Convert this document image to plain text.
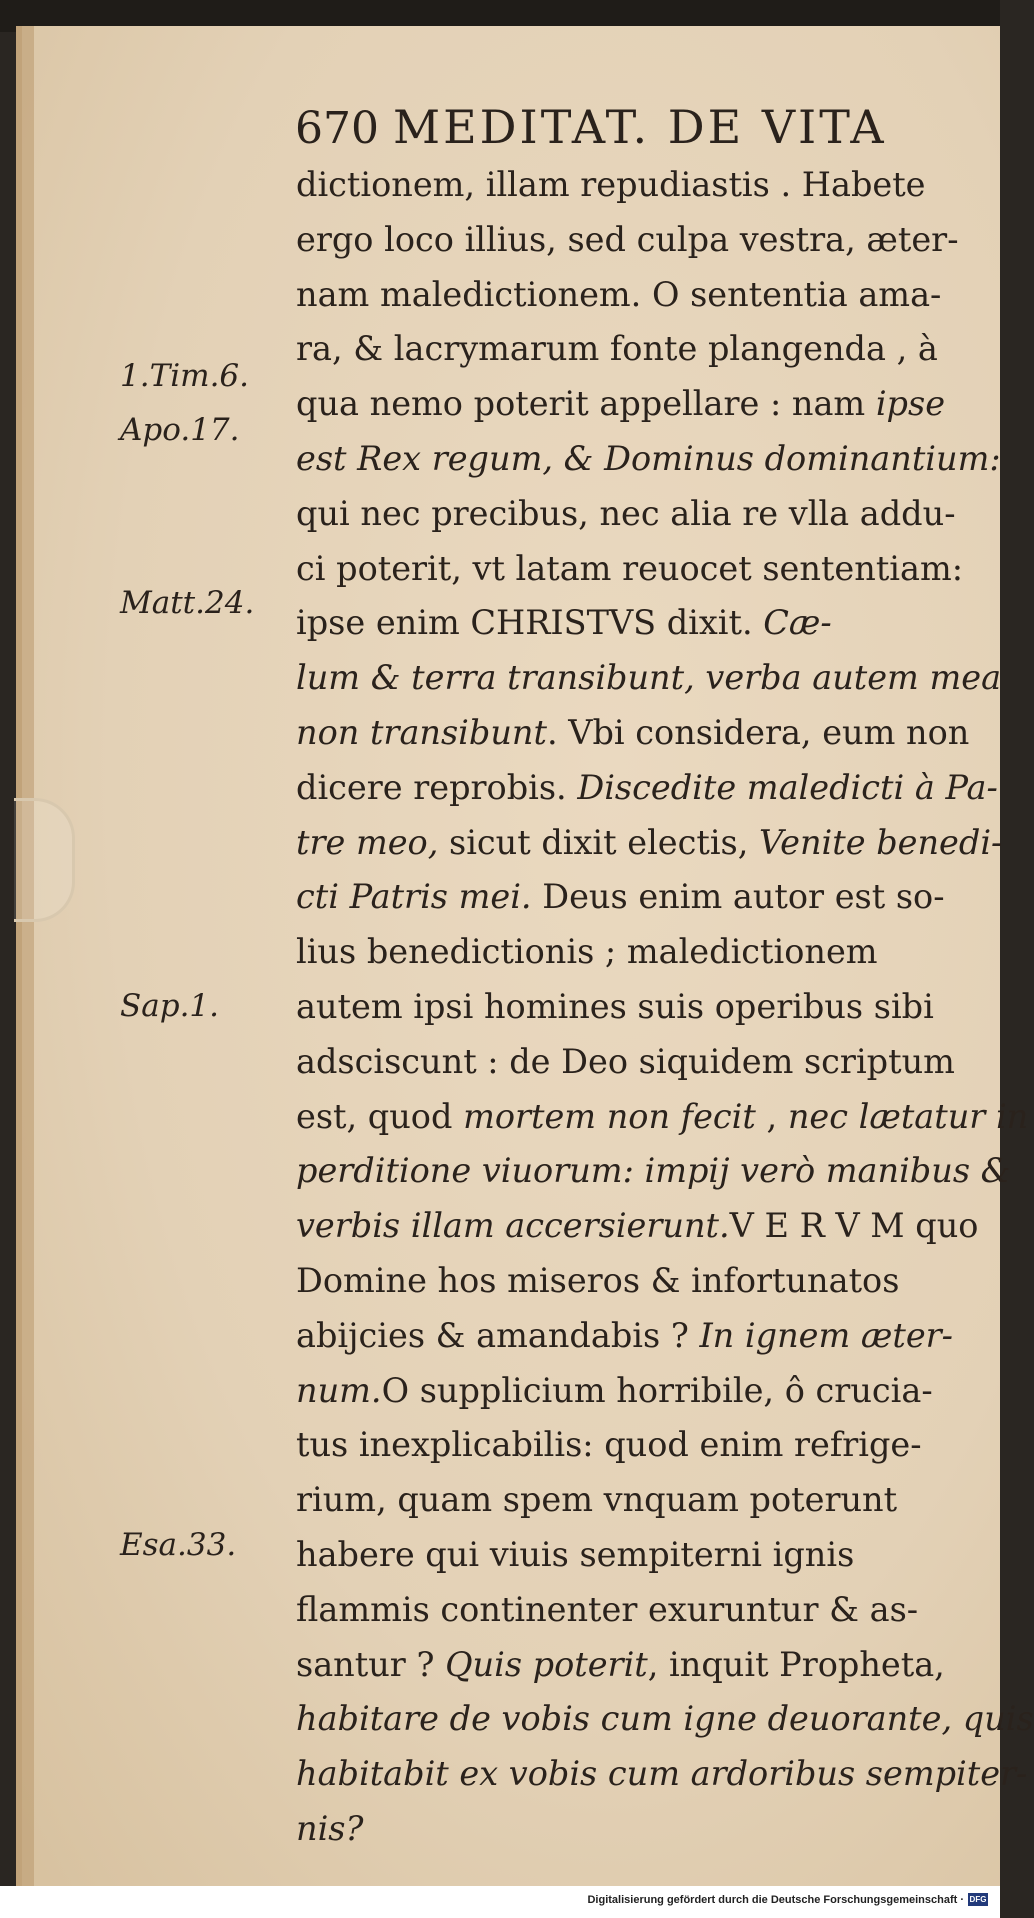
670 MEDITAT. DE VITA
1.Tim.6.
Apo.17.
Matt.24.
Sap.1.
Esa.33.
dictionem, illam repudiastis . Habete
ergo loco illius, sed culpa vestra, æter-
nam maledictionem. O sententia ama-
ra, & lacrymarum fonte plangenda , à
qua nemo poterit appellare : nam ipse
est Rex regum, & Dominus dominantium:
qui nec precibus, nec alia re vlla addu-
ci poterit, vt latam reuocet sententiam:
ipse enim CHRISTVS dixit. Cæ-
lum & terra transibunt, verba autem mea
non transibunt. Vbi considera, eum non
dicere reprobis. Discedite maledicti à Pa-
tre meo, sicut dixit electis, Venite benedi-
cti Patris mei. Deus enim autor est so-
lius benedictionis ; maledictionem
autem ipsi homines suis operibus sibi
adsciscunt : de Deo siquidem scriptum
est, quod mortem non fecit , nec lætatur in
perditione viuorum: impij verò manibus &
verbis illam accersierunt.V E R V M quo
Domine hos miseros & infortunatos
abijcies & amandabis ? In ignem æter-
num.O supplicium horribile, ô crucia-
tus inexplicabilis: quod enim refrige-
rium, quam spem vnquam poterunt
habere qui viuis sempiterni ignis
flammis continenter exuruntur & as-
santur ? Quis poterit, inquit Propheta,
habitare de vobis cum igne deuorante, quis
habitabit ex vobis cum ardoribus sempiter-
nis?
Digitalisierung gefördert durch die Deutsche Forschungsgemeinschaft · DFG
